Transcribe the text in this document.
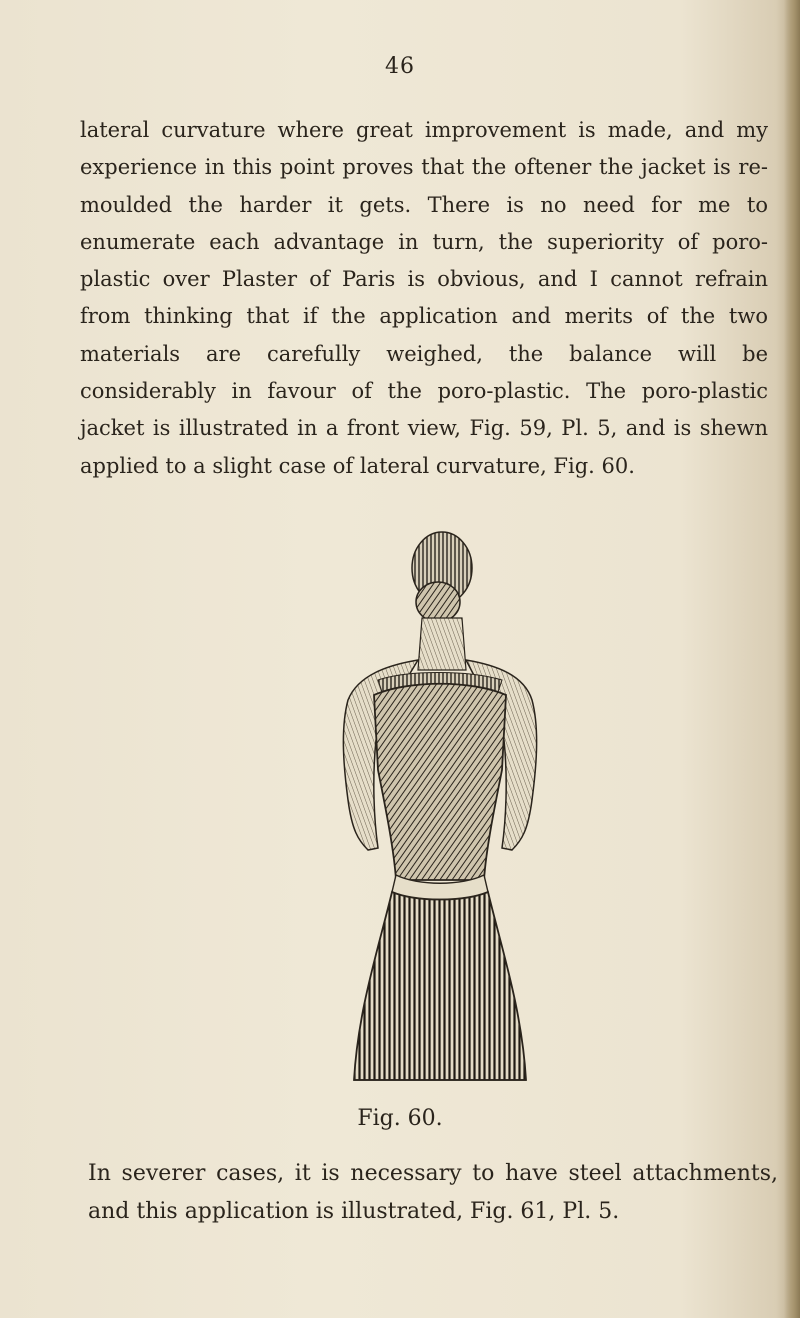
46

lateral curvature where great improvement is made, and my experience in this point proves that the oftener the jacket is re-moulded the harder it gets. There is no need for me to enumerate each advantage in turn, the superiority of poro-plastic over Plaster of Paris is obvious, and I cannot refrain from thinking that if the application and merits of the two materials are carefully weighed, the balance will be considerably in favour of the poro-plastic. The poro-plastic jacket is illustrated in a front view, Fig. 59, Pl. 5, and is shewn applied to a slight case of lateral curvature, Fig. 60.

Fig. 60.

In severer cases, it is necessary to have steel attachments, and this application is illustrated, Fig. 61, Pl. 5.
